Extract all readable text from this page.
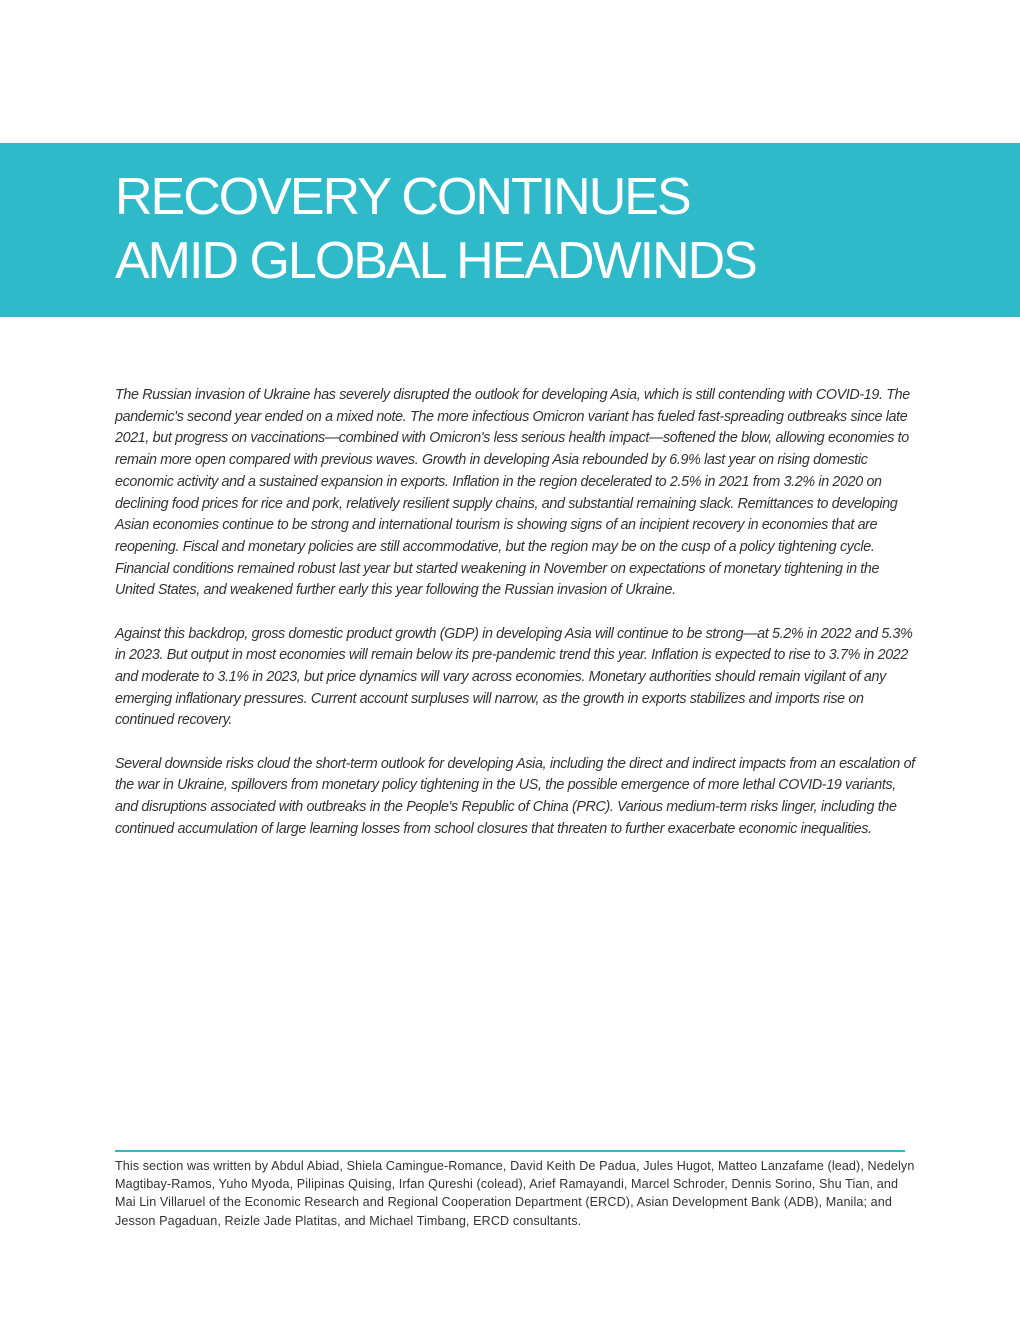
RECOVERY CONTINUES
AMID GLOBAL HEADWINDS

The Russian invasion of Ukraine has severely disrupted the outlook for developing Asia, which is still contending with COVID-19. The pandemic's second year ended on a mixed note. The more infectious Omicron variant has fueled fast-spreading outbreaks since late 2021, but progress on vaccinations—combined with Omicron's less serious health impact—softened the blow, allowing economies to remain more open compared with previous waves. Growth in developing Asia rebounded by 6.9% last year on rising domestic economic activity and a sustained expansion in exports. Inflation in the region decelerated to 2.5% in 2021 from 3.2% in 2020 on declining food prices for rice and pork, relatively resilient supply chains, and substantial remaining slack. Remittances to developing Asian economies continue to be strong and international tourism is showing signs of an incipient recovery in economies that are reopening. Fiscal and monetary policies are still accommodative, but the region may be on the cusp of a policy tightening cycle. Financial conditions remained robust last year but started weakening in November on expectations of monetary tightening in the United States, and weakened further early this year following the Russian invasion of Ukraine.

Against this backdrop, gross domestic product growth (GDP) in developing Asia will continue to be strong—at 5.2% in 2022 and 5.3% in 2023. But output in most economies will remain below its pre-pandemic trend this year. Inflation is expected to rise to 3.7% in 2022 and moderate to 3.1% in 2023, but price dynamics will vary across economies. Monetary authorities should remain vigilant of any emerging inflationary pressures. Current account surpluses will narrow, as the growth in exports stabilizes and imports rise on continued recovery.

Several downside risks cloud the short-term outlook for developing Asia, including the direct and indirect impacts from an escalation of the war in Ukraine, spillovers from monetary policy tightening in the US, the possible emergence of more lethal COVID-19 variants, and disruptions associated with outbreaks in the People's Republic of China (PRC). Various medium-term risks linger, including the continued accumulation of large learning losses from school closures that threaten to further exacerbate economic inequalities.

This section was written by Abdul Abiad, Shiela Camingue-Romance, David Keith De Padua, Jules Hugot, Matteo Lanzafame (lead), Nedelyn Magtibay-Ramos, Yuho Myoda, Pilipinas Quising, Irfan Qureshi (colead), Arief Ramayandi, Marcel Schroder, Dennis Sorino, Shu Tian, and Mai Lin Villaruel of the Economic Research and Regional Cooperation Department (ERCD), Asian Development Bank (ADB), Manila; and Jesson Pagaduan, Reizle Jade Platitas, and Michael Timbang, ERCD consultants.
